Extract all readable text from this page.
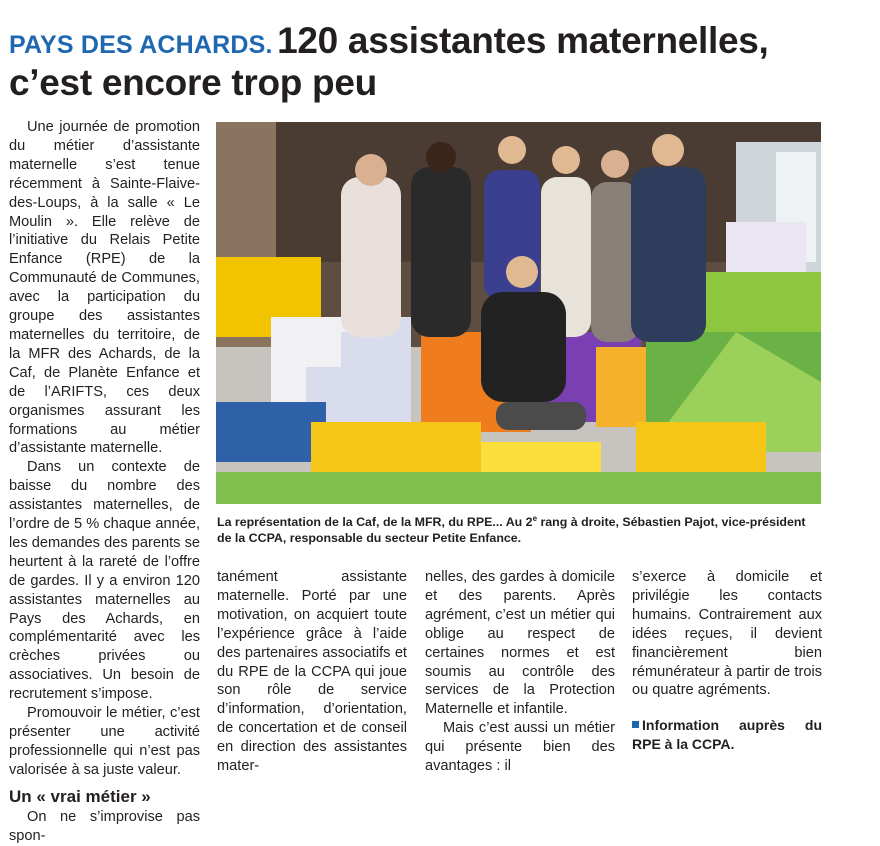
PAYS DES ACHARDS. 120 assistantes maternelles,
c’est encore trop peu

Une journée de promotion du métier d’assistante maternelle s’est tenue récemment à Sainte-Flaive-des-Loups, à la salle « Le Moulin ». Elle relève de l’initiative du Relais Petite Enfance (RPE) de la Communauté de Communes, avec la participation du groupe des assistantes maternelles du territoire, de la MFR des Achards, de la Caf, de Planète Enfance et de l’ARIFTS, ces deux organismes assurant les formations au métier d’assistante maternelle.

Dans un contexte de baisse du nombre des assistantes maternelles, de l’ordre de 5 % chaque année, les demandes des parents se heurtent à la rareté de l’offre de gardes. Il y a environ 120 assistantes maternelles au Pays des Achards, en complémentarité avec les crèches privées ou associatives. Un besoin de recrutement s’impose.

Promouvoir le métier, c’est présenter une activité professionnelle qui n’est pas valorisée à sa juste valeur.

Un « vrai métier »

On ne s’improvise pas spon-

La représentation de la Caf, de la MFR, du RPE... Au 2e rang à droite, Sébastien Pajot, vice-président de la CCPA, responsable du secteur Petite Enfance.

tanément assistante maternelle. Porté par une motivation, on acquiert toute l’expérience grâce à l’aide des partenaires associatifs et du RPE de la CCPA qui joue son rôle de service d’information, d’orientation, de concertation et de conseil en direction des assistantes mater-

nelles, des gardes à domicile et des parents. Après agrément, c’est un métier qui oblige au respect de certaines normes et est soumis au contrôle des services de la Protection Maternelle et infantile.

Mais c’est aussi un métier qui présente bien des avantages : il

s’exerce à domicile et privilégie les contacts humains. Contrairement aux idées reçues, il devient financièrement bien rémunérateur à partir de trois ou quatre agréments.

Information auprès du RPE à la CCPA.
